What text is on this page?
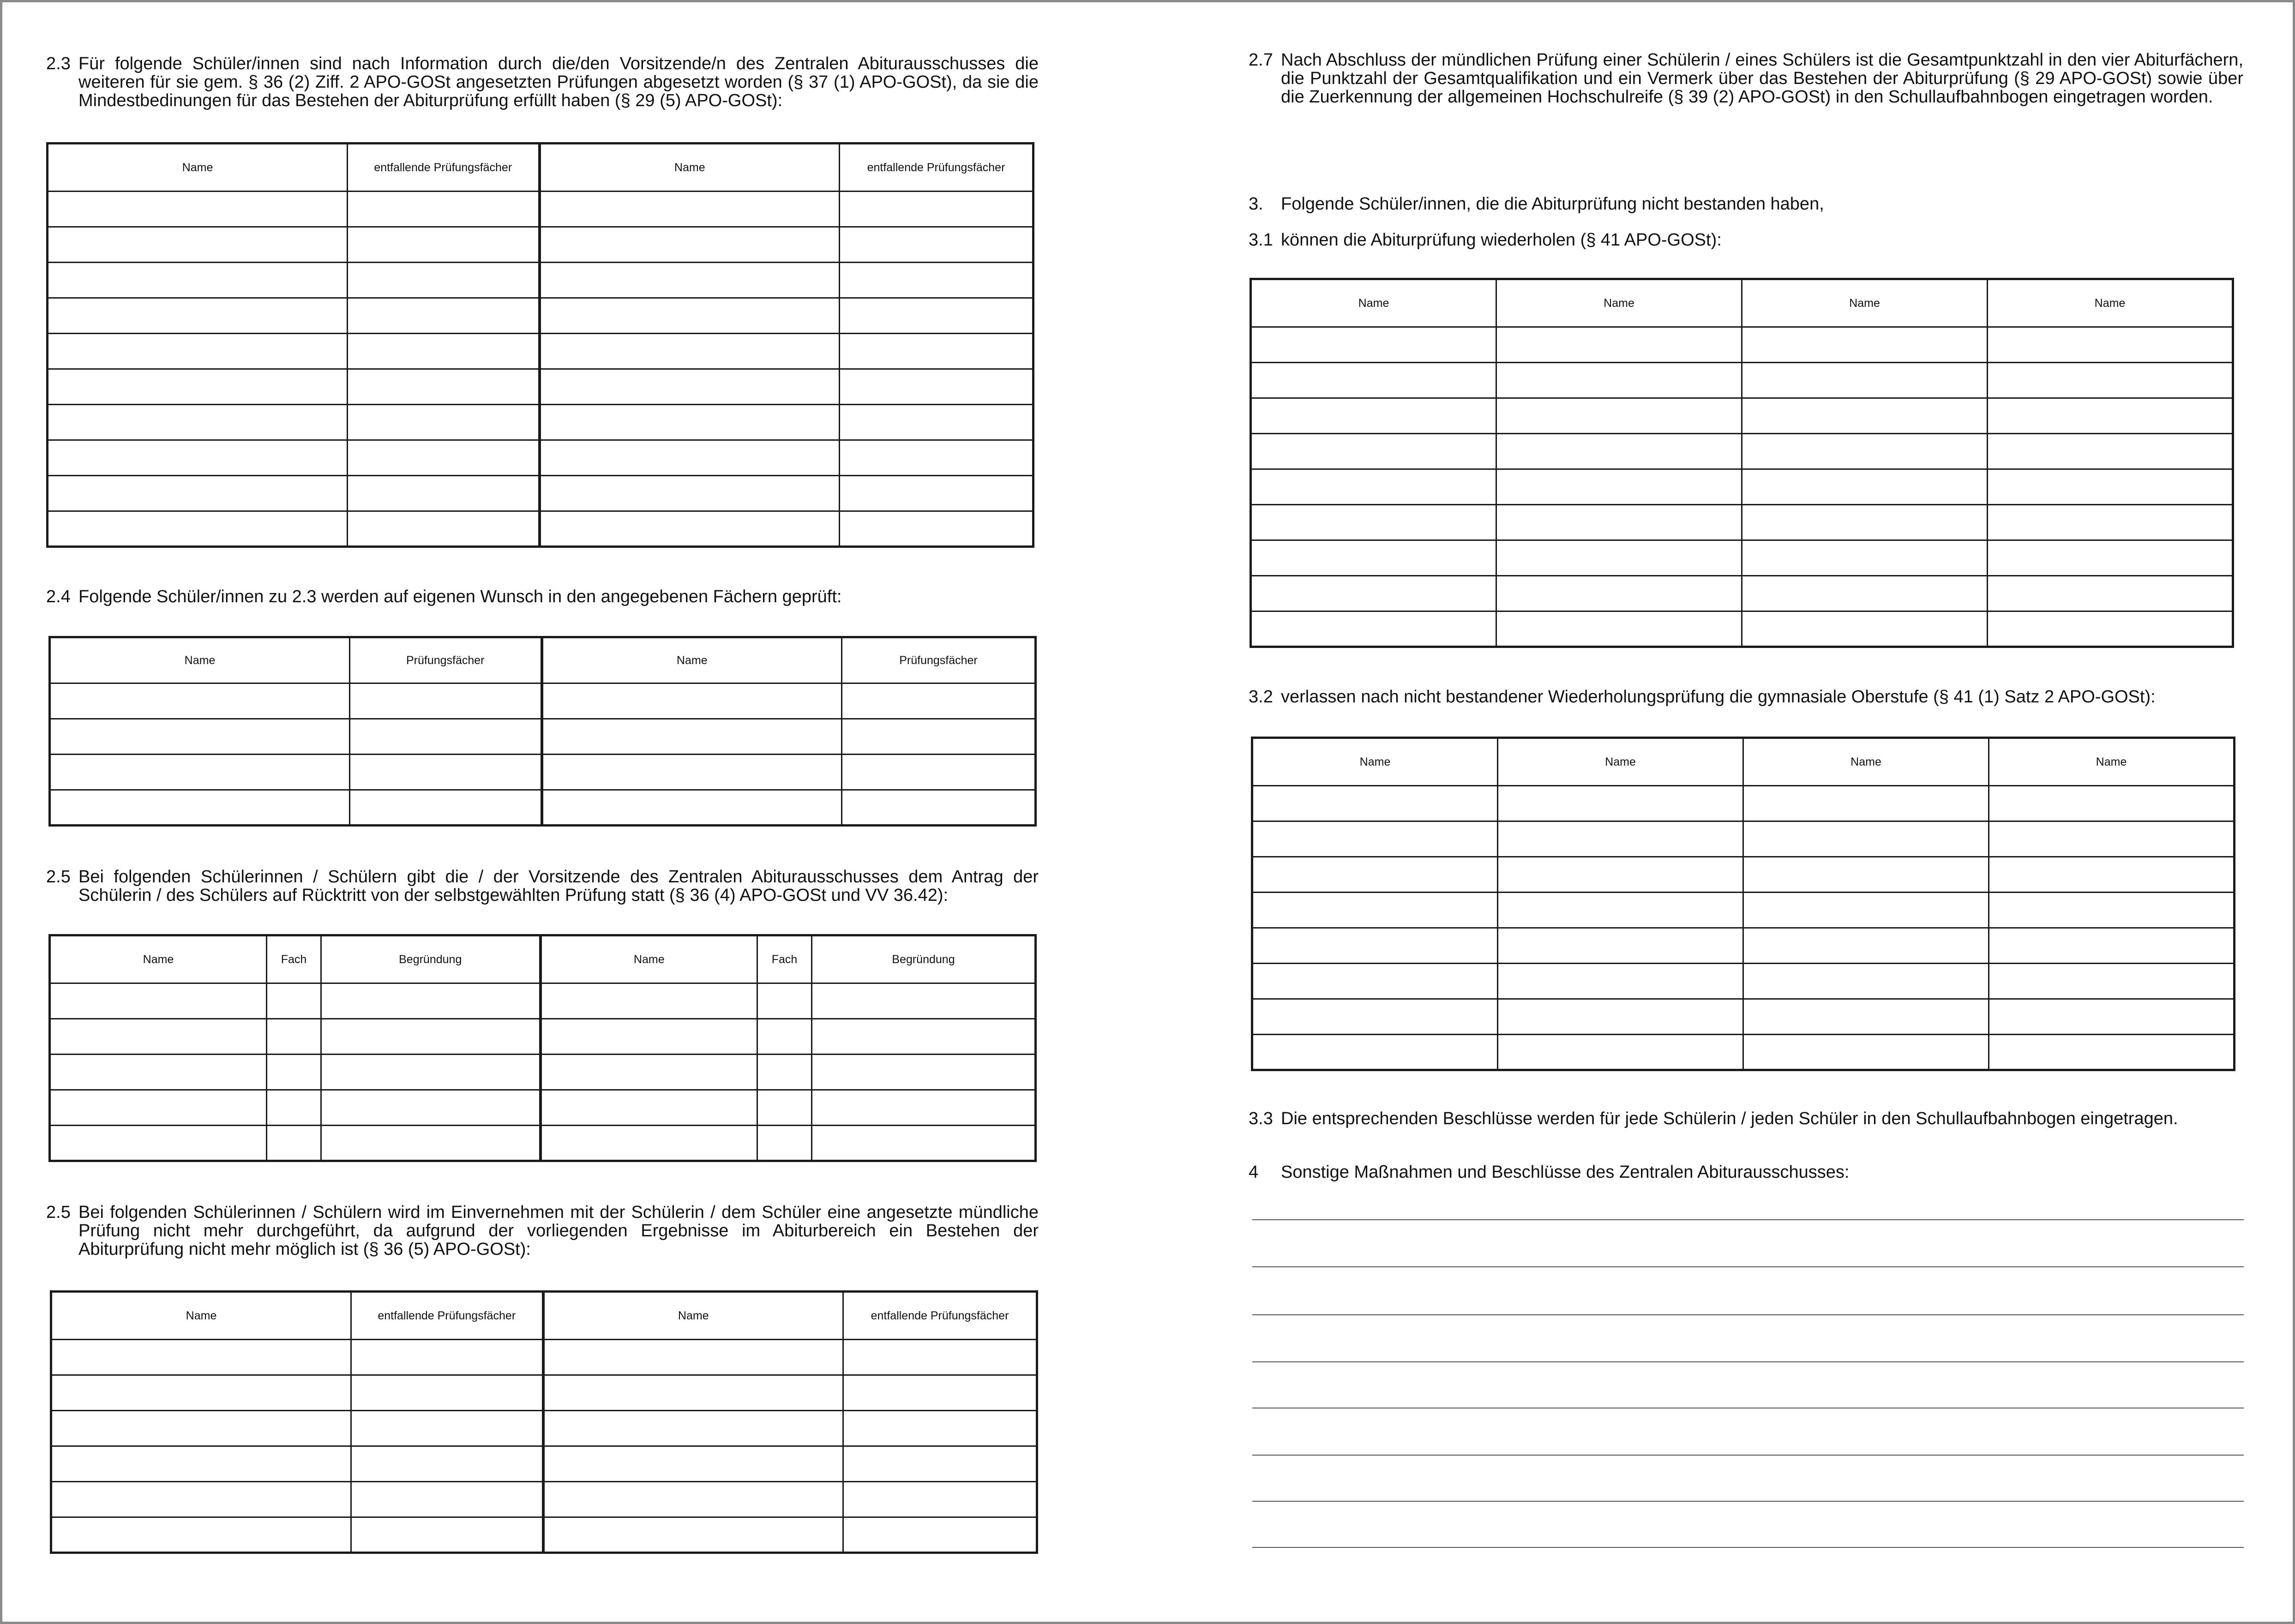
2.3 Für folgende Schüler/innen sind nach Information durch die/den Vorsitzende/n des Zentralen Abiturausschusses die weiteren für sie gem. § 36 (2) Ziff. 2 APO-GOSt angesetzten Prüfungen abgesetzt worden (§ 37 (1) APO-GOSt), da sie die Mindestbedinungen für das Bestehen der Abiturprüfung erfüllt haben (§ 29 (5) APO-GOSt):

Name	entfallende Prüfungsfächer	Name	entfallende Prüfungsfächer

2.4 Folgende Schüler/innen zu 2.3 werden auf eigenen Wunsch in den angegebenen Fächern geprüft:

Name	Prüfungsfächer	Name	Prüfungsfächer

2.5 Bei folgenden Schülerinnen / Schülern gibt die / der Vorsitzende des Zentralen Abiturausschusses dem Antrag der Schülerin / des Schülers auf Rücktritt von der selbstgewählten Prüfung statt (§ 36 (4) APO-GOSt und VV 36.42):

Name	Fach	Begründung	Name	Fach	Begründung

2.5 Bei folgenden Schülerinnen / Schülern wird im Einvernehmen mit der Schülerin / dem Schüler eine angesetzte mündliche Prüfung nicht mehr durchgeführt, da aufgrund der vorliegenden Ergebnisse im Abiturbereich ein Bestehen der Abiturprüfung nicht mehr möglich ist (§ 36 (5) APO-GOSt):

Name	entfallende Prüfungsfächer	Name	entfallende Prüfungsfächer

2.7 Nach Abschluss der mündlichen Prüfung einer Schülerin / eines Schülers ist die Gesamtpunktzahl in den vier Abiturfächern, die Punktzahl der Gesamtqualifikation und ein Vermerk über das Bestehen der Abiturprüfung (§ 29 APO-GOSt) sowie über die Zuerkennung der allgemeinen Hochschulreife (§ 39 (2) APO-GOSt) in den Schullaufbahnbogen eingetragen worden.

3. Folgende Schüler/innen, die die Abiturprüfung nicht bestanden haben,

3.1 können die Abiturprüfung wiederholen (§ 41 APO-GOSt):

Name	Name	Name	Name

3.2 verlassen nach nicht bestandener Wiederholungsprüfung die gymnasiale Oberstufe (§ 41 (1) Satz 2 APO-GOSt):

Name	Name	Name	Name

3.3 Die entsprechenden Beschlüsse werden für jede Schülerin / jeden Schüler in den Schullaufbahnbogen eingetragen.

4 Sonstige Maßnahmen und Beschlüsse des Zentralen Abiturausschusses:
